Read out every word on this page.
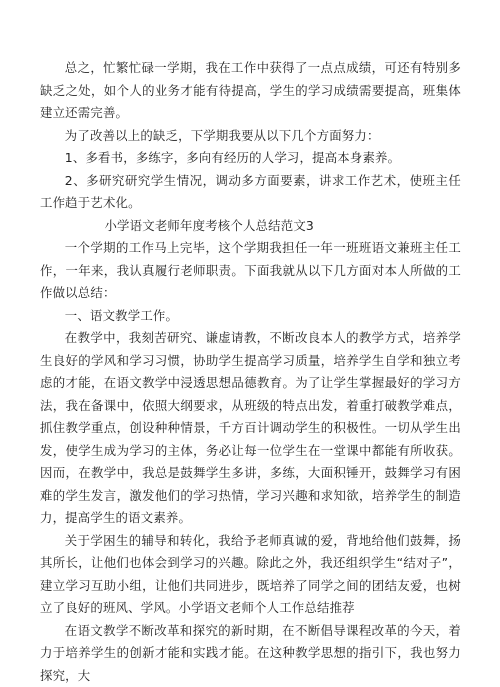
总之，忙繁忙碌一学期，我在工作中获得了一点点成绩，可还有特别多缺乏之处，如个人的业务才能有待提高，学生的学习成绩需要提高，班集体建立还需完善。

为了改善以上的缺乏，下学期我要从以下几个方面努力：

1、多看书，多练字，多向有经历的人学习，提高本身素养。

2、多研究研究学生情况，调动多方面要素，讲求工作艺术，使班主任工作趋于艺术化。

小学语文老师年度考核个人总结范文3

一个学期的工作马上完毕，这个学期我担任一年一班班语文兼班主任工作，一年来，我认真履行老师职责。下面我就从以下几方面对本人所做的工作做以总结：

一、语文教学工作。

在教学中，我刻苦研究、谦虚请教，不断改良本人的教学方式，培养学生良好的学风和学习习惯，协助学生提高学习质量，培养学生自学和独立考虑的才能，在语文教学中浸透思想品德教育。为了让学生掌握最好的学习方法，我在备课中，依照大纲要求，从班级的特点出发，着重打破教学难点，抓住教学重点，创设种种情景，千方百计调动学生的积极性。一切从学生出发，使学生成为学习的主体，务必让每一位学生在一堂课中都能有所收获。因而，在教学中，我总是鼓舞学生多讲，多练，大面积锤开，鼓舞学习有困难的学生发言，激发他们的学习热情，学习兴趣和求知欲，培养学生的制造力，提高学生的语文素养。

关于学困生的辅导和转化，我给予老师真诚的爱，背地给他们鼓舞，扬其所长，让他们也体会到学习的兴趣。除此之外，我还组织学生“结对子”，建立学习互助小组，让他们共同进步，既培养了同学之间的团结友爱，也树立了良好的班风、学风。小学语文老师个人工作总结推荐

在语文教学不断改革和探究的新时期，在不断倡导课程改革的今天，着力于培养学生的创新才能和实践才能。在这种教学思想的指引下，我也努力探究，大
